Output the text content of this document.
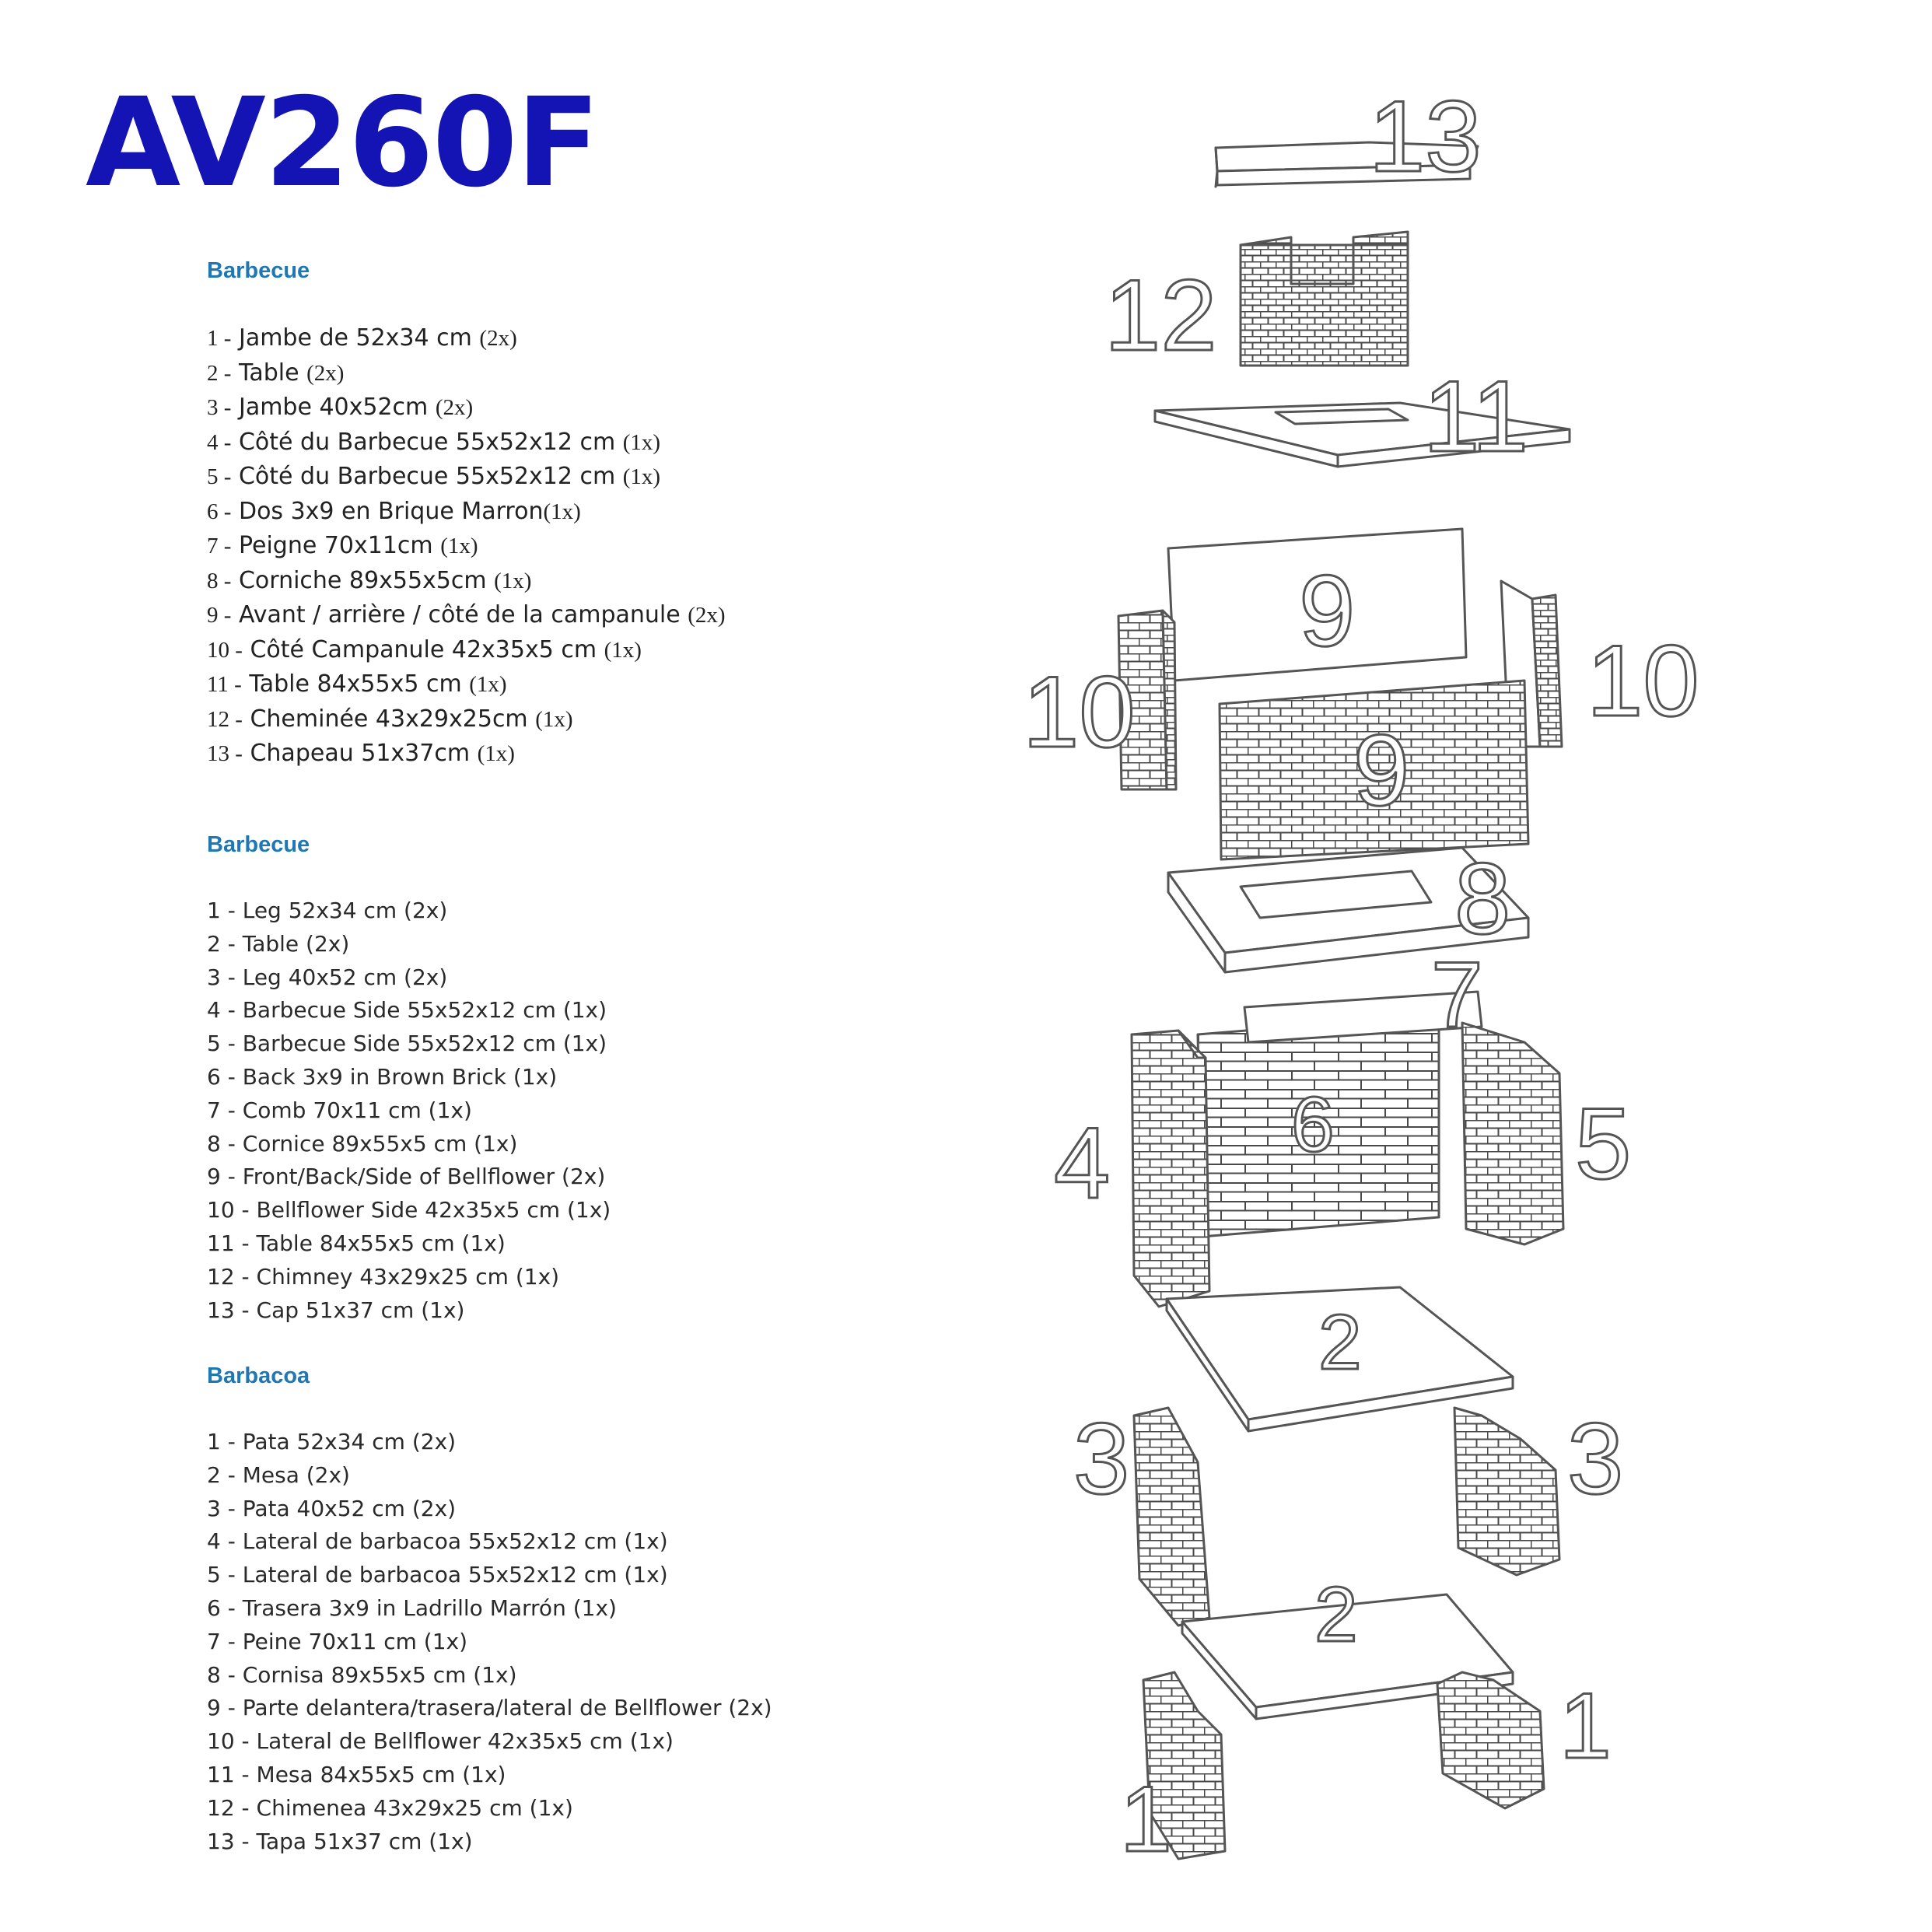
AV260F
Barbecue
1 - Jambe de 52x34 cm (2x)
2 - Table (2x)
3 - Jambe 40x52cm (2x)
4 - Côté du Barbecue 55x52x12 cm (1x)
5 - Côté du Barbecue 55x52x12 cm (1x)
6 - Dos 3x9 en Brique Marron(1x)
7 - Peigne 70x11cm (1x)
8 - Corniche 89x55x5cm (1x)
9 - Avant / arrière / côté de la campanule (2x)
10 - Côté Campanule 42x35x5 cm (1x)
11 - Table 84x55x5 cm (1x)
12 - Cheminée 43x29x25cm (1x)
13 - Chapeau 51x37cm (1x)
Barbecue
1 - Leg 52x34 cm (2x)
2 - Table (2x)
3 - Leg 40x52 cm (2x)
4 - Barbecue Side 55x52x12 cm (1x)
5 - Barbecue Side 55x52x12 cm (1x)
6 - Back 3x9 in Brown Brick (1x)
7 - Comb 70x11 cm (1x)
8 - Cornice 89x55x5 cm (1x)
9 - Front/Back/Side of Bellflower (2x)
10 - Bellflower Side 42x35x5 cm (1x)
11 - Table 84x55x5 cm (1x)
12 - Chimney 43x29x25 cm (1x)
13 - Cap 51x37 cm (1x)
Barbacoa
1 - Pata 52x34 cm (2x)
2 - Mesa (2x)
3 - Pata 40x52 cm (2x)
4 - Lateral de barbacoa 55x52x12 cm (1x)
5 - Lateral de barbacoa 55x52x12 cm (1x)
6 - Trasera 3x9 in Ladrillo Marrón (1x)
7 - Peine 70x11 cm (1x)
8 - Cornisa 89x55x5 cm (1x)
9 - Parte delantera/trasera/lateral de Bellflower (2x)
10 - Lateral de Bellflower 42x35x5 cm (1x)
11 - Mesa 84x55x5 cm (1x)
12 - Chimenea 43x29x25 cm (1x)
13 - Tapa 51x37 cm (1x)
13
12
11
9
10	10
9
8
7
6
4	5
2
3	3
2
1
1
